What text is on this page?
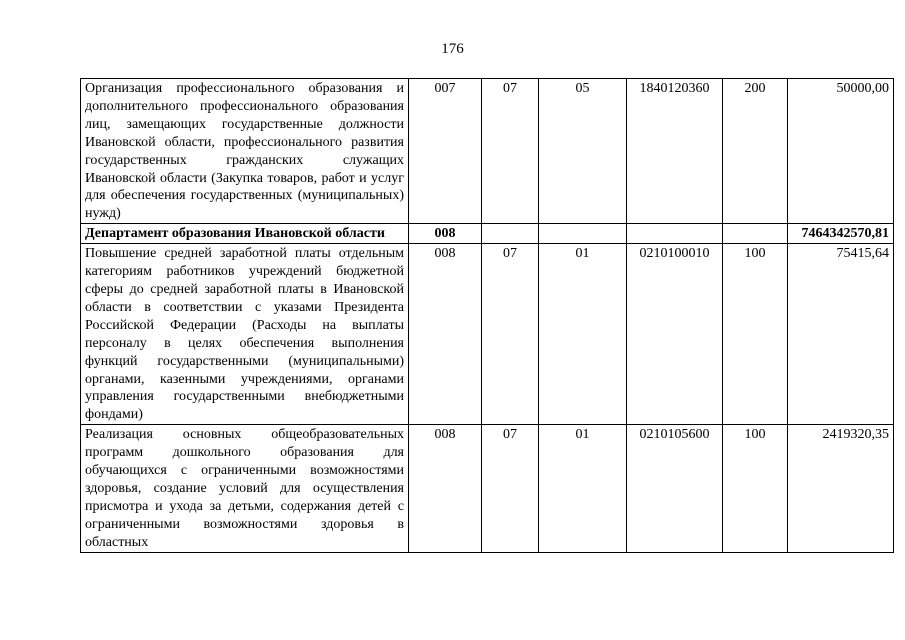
176
Организация профессионального образования и дополнительного профессионального образования лиц, замещающих государственные должности Ивановской области, профессионального развития государственных гражданских служащих Ивановской области (Закупка товаров, работ и услуг для обеспечения государственных (муниципальных) нужд)	007	07	05	1840120360	200	50000,00
Департамент образования Ивановской области	008					7464342570,81
Повышение средней заработной платы отдельным категориям работников учреждений бюджетной сферы до средней заработной платы в Ивановской области в соответствии с указами Президента Российской Федерации (Расходы на выплаты персоналу в целях обеспечения выполнения функций государственными (муниципальными) органами, казенными учреждениями, органами управления государственными внебюджетными фондами)	008	07	01	0210100010	100	75415,64
Реализация основных общеобразовательных программ дошкольного образования для обучающихся с ограниченными возможностями здоровья, создание условий для осуществления присмотра и ухода за детьми, содержания детей с ограниченными возможностями здоровья в областных	008	07	01	0210105600	100	2419320,35
